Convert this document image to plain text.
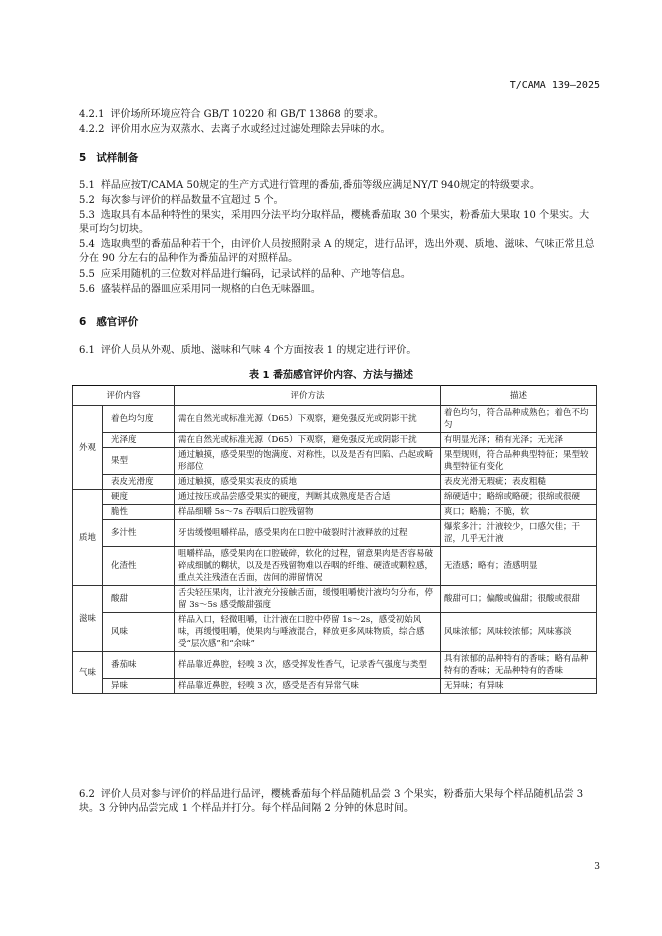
T/CAMA 139—2025

4.2.1 评价场所环境应符合 GB/T 10220 和 GB/T 13868 的要求。

4.2.2 评价用水应为双蒸水、去离子水或经过过滤处理除去异味的水。

5 试样制备

5.1 样品应按T/CAMA 50规定的生产方式进行管理的番茄,番茄等级应满足NY/T 940规定的特级要求。

5.2 每次参与评价的样品数量不宜超过 5 个。

5.3 选取具有本品种特性的果实，采用四分法平均分取样品，樱桃番茄取 30 个果实，粉番茄大果取 10 个果实。大果可均匀切块。

5.4 选取典型的番茄品种若干个，由评价人员按照附录 A 的规定，进行品评，选出外观、质地、滋味、气味正常且总分在 90 分左右的品种作为番茄品评的对照样品。

5.5 应采用随机的三位数对样品进行编码，记录试样的品种、产地等信息。

5.6 盛装样品的器皿应采用同一规格的白色无味器皿。

6 感官评价

6.1 评价人员从外观、质地、滋味和气味 4 个方面按表 1 的规定进行评价。

表 1 番茄感官评价内容、方法与描述
评价内容		评价方法	描述
外观	着色均匀度	需在自然光或标准光源（D65）下观察，避免强反光或阴影干扰	着色均匀，符合品种成熟色；着色不均匀
	光泽度	需在自然光或标准光源（D65）下观察，避免强反光或阴影干扰	有明显光泽；稍有光泽；无光泽
	果型	通过触摸，感受果型的饱满度、对称性，以及是否有凹陷、凸起或畸形部位	果型规则，符合品种典型特征；果型较典型特征有变化
	表皮光滑度	通过触摸，感受果实表皮的质地	表皮光滑无瑕疵；表皮粗糙
质地	硬度	通过按压或品尝感受果实的硬度，判断其成熟度是否合适	绵硬适中；略绵或略硬；很绵或很硬
	脆性	样品细嚼 5s～7s 吞咽后口腔残留物	爽口；略脆；不脆，软
	多汁性	牙齿缓慢咀嚼样品，感受果肉在口腔中破裂时汁液释放的过程	爆浆多汁；汁液较少，口感欠佳；干涩，几乎无汁液
	化渣性	咀嚼样品，感受果肉在口腔破碎，软化的过程，留意果肉是否容易破碎成细腻的糊状，以及是否残留物难以吞咽的纤维、硬渣或颗粒感，重点关注残渣在舌面，齿间的滞留情况	无渣感；略有；渣感明显
滋味	酸甜	舌尖轻压果肉，让汁液充分接触舌面，缓慢咀嚼使汁液均匀分布，停留 3s～5s 感受酸甜强度	酸甜可口；偏酸或偏甜；很酸或很甜
	风味	样品入口，轻微咀嚼，让汁液在口腔中停留 1s～2s，感受初始风味，再缓慢咀嚼，使果肉与唾液混合，释放更多风味物质，综合感受“层次感”和“余味”	风味浓郁；风味较浓郁；风味寡淡
气味	番茄味	样品靠近鼻腔，轻嗅 3 次，感受挥发性香气，记录香气强度与类型	具有浓郁的品种特有的香味；略有品种特有的香味；无品种特有的香味
	异味	样品靠近鼻腔，轻嗅 3 次，感受是否有异常气味	无异味；有异味

6.2 评价人员对参与评价的样品进行品评，樱桃番茄每个样品随机品尝 3 个果实，粉番茄大果每个样品随机品尝 3 块。3 分钟内品尝完成 1 个样品并打分。每个样品间隔 2 分钟的休息时间。

3
